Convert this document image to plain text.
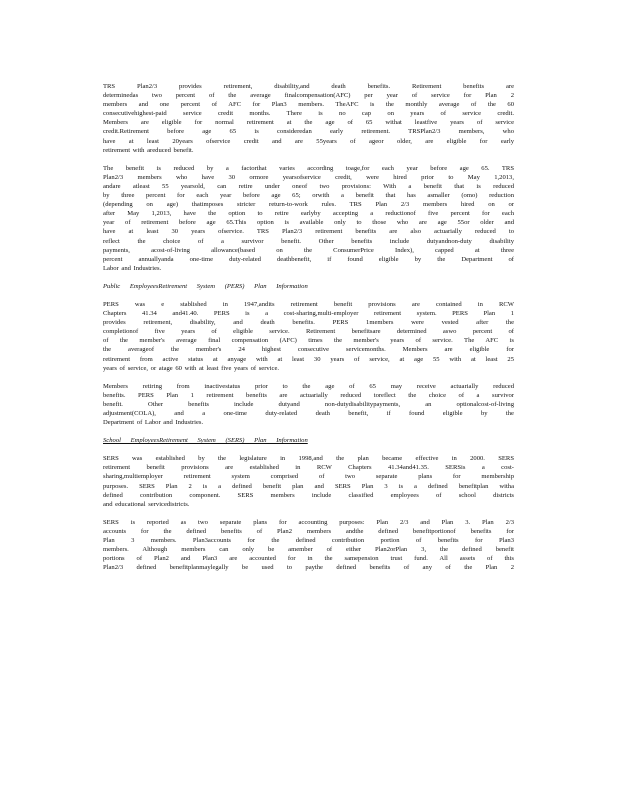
TRS Plan2/3 provides retirement, disability,and death benefits. Retirement benefits are
determinedas two percent of the average finalcompensation(AFC) per year of service for Plan 2
members and one percent of AFC for Plan3 members. TheAFC is the monthly average of the 60
consecutivehighest-paid service credit months. There is no cap on years of service credit.
Members are eligible for normal retirement at the age of 65 withat leastfive years of service
credit.Retirement before age 65 is consideredan early retirement. TRSPlan2/3 members, who
have at least 20years ofservice credit and are 55years of ageor older, are eligible for early
retirement with areduced benefit.
The benefit is reduced by a factorthat varies according toage,for each year before age 65. TRS
Plan2/3 members who have 30 ormore yearsofservice credit, were hired prior to May 1,2013,
andare atleast 55 yearsold, can retire under oneof two provisions: With a benefit that is reduced
by three percent for each year before age 65; orwith a benefit that has asmaller (omo) reduction
(depending on age) thatimposes stricter return-to-work rules. TRS Plan 2/3 members hired on or
after May 1,2013, have the option to retire earlyby accepting a reductionof five percent for each
year of retirement before age 65.This option is available only to those who are age 55or older and
have at least 30 years ofservice. TRS Plan2/3 retirement benefits are also actuarially reduced to
reflect the choice of a survivor benefit. Other benefits include dutyandnon-duty disability
payments, acost-of-living allowance(based on the ConsumerPrice Index), capped at three
percent annuallyanda one-time duty-related deathbenefit, if found eligible by the Department of
Labor and Industries.
Public EmployeesRetirement System (PERS) Plan Information
PERS was e stablished in 1947,andits retirement benefit provisions are contained in RCW
Chapters 41.34 and41.40. PERS is a cost-sharing,multi-employer retirement system. PERS Plan 1
provides retirement, disability, and death benefits. PERS 1members were vested after the
completionof five years of eligible service. Retirement benefitsare determined aswo percent of
of the member's average final compensation (AFC) times the member's years of service. The AFC is
the averageof the member's 24 highest consecutive servicemonths. Members are eligible for
retirement from active status at anyage with at least 30 years of service, at age 55 with at least 25
years of service, or atage 60 with at least five years of service.
Members retiring from inactivestatus prior to the age of 65 may receive actuarially reduced
benefits. PERS Plan 1 retirement benefits are actuarially reduced toreflect the choice of a survivor
benefit. Other benefits include dutyand non-dutydisabilitypayments, an optionalcost-of-living
adjustment(COLA), and a one-time duty-related death benefit, if found eligible by the
Department of Labor and Industries.
School EmployeesRetirement System (SERS) Plan Information
SERS was established by the legislature in 1998,and the plan became effective in 2000. SERS
retirement benefit provisions are established in RCW Chapters 41.34and41.35. SERSis a cost-
sharing,multiemployer retirement system comprised of two separate plans for membership
purposes. SERS Plan 2 is a defined benefit plan and SERS Plan 3 is a defined benefitplan witha
defined contribution component. SERS members include classified employees of school districts
and educational servicedistricts.
SERS is reported as two separate plans for accounting purposes: Plan 2/3 and Plan 3. Plan 2/3
accounts for the defined benefits of Plan2 members andthe defined benefitportionof benefits for
Plan 3 members. Plan3accounts for the defined contribution portion of benefits for Plan3
members. Although members can only be amember of either Plan2orPlan 3, the defined benefit
portions of Plan2 and Plan3 are accounted for in the samepension trust fund. All assets of this
Plan2/3 defined benefitplanmaylegally be used to paythe defined benefits of any of the Plan 2
